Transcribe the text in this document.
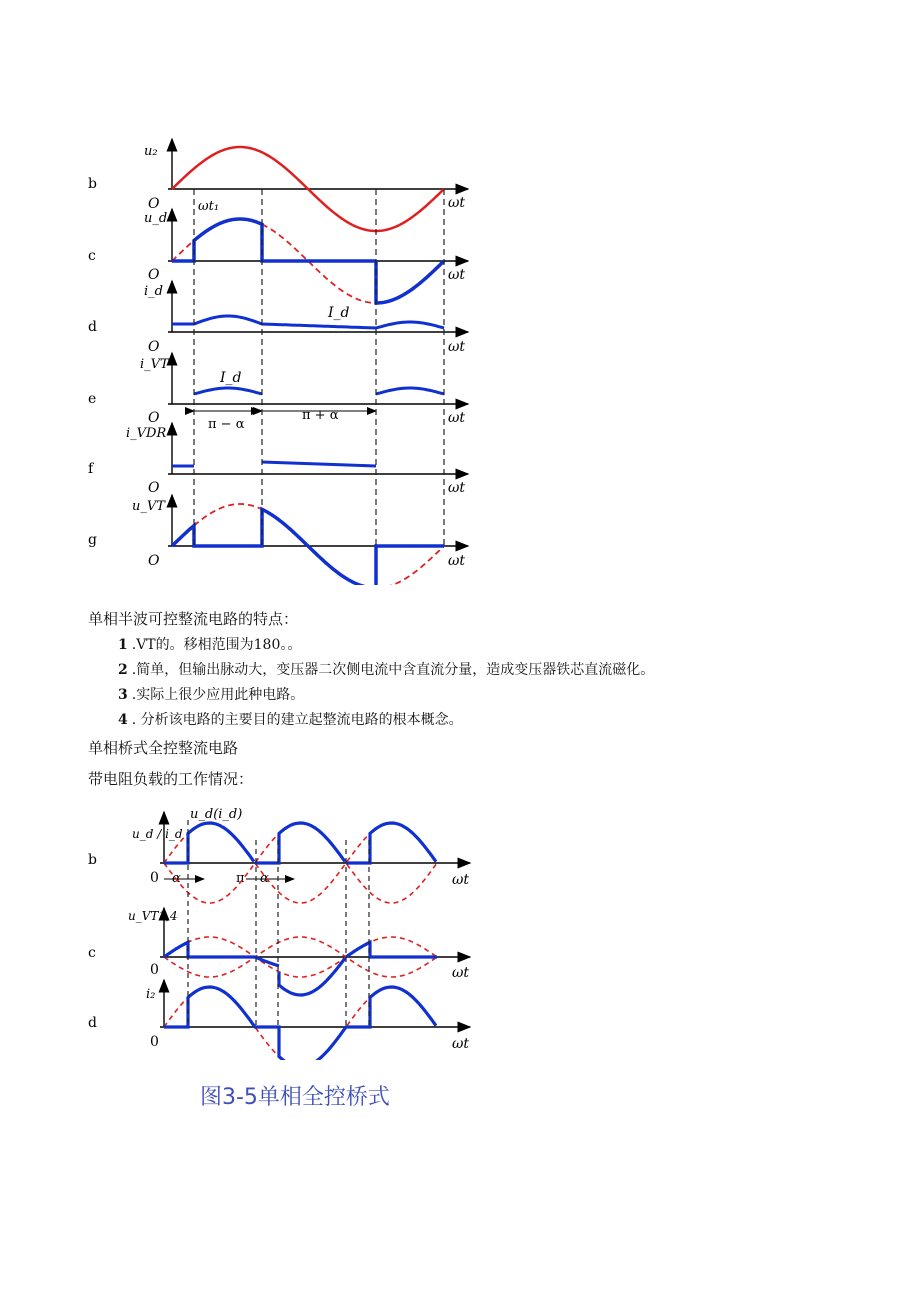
b
c
d
e
f
g
u₂
u_d
i_d
i_VT
i_VDR
u_VT
O	ωt
ωt₁
O	ωt
O	ωt
I_d
O	ωt
I_d
π − α
π + α
O	ωt
O	ωt
单相半波可控整流电路的特点：
1 .VT的。移相范围为180。。
2 .简单，但输出脉动大，变压器二次侧电流中含直流分量，造成变压器铁芯直流磁化。
3 .实际上很少应用此种电路。
4 . 分析该电路的主要目的建立起整流电路的根本概念。
单相桥式全控整流电路
带电阻负载的工作情况：
b
c
d
u_d(i_d)
u_d / i_d
u_VT1,4
i₂
0	ωt
α	π α
0	ωt
0	ωt
图3-5单相全控桥式
